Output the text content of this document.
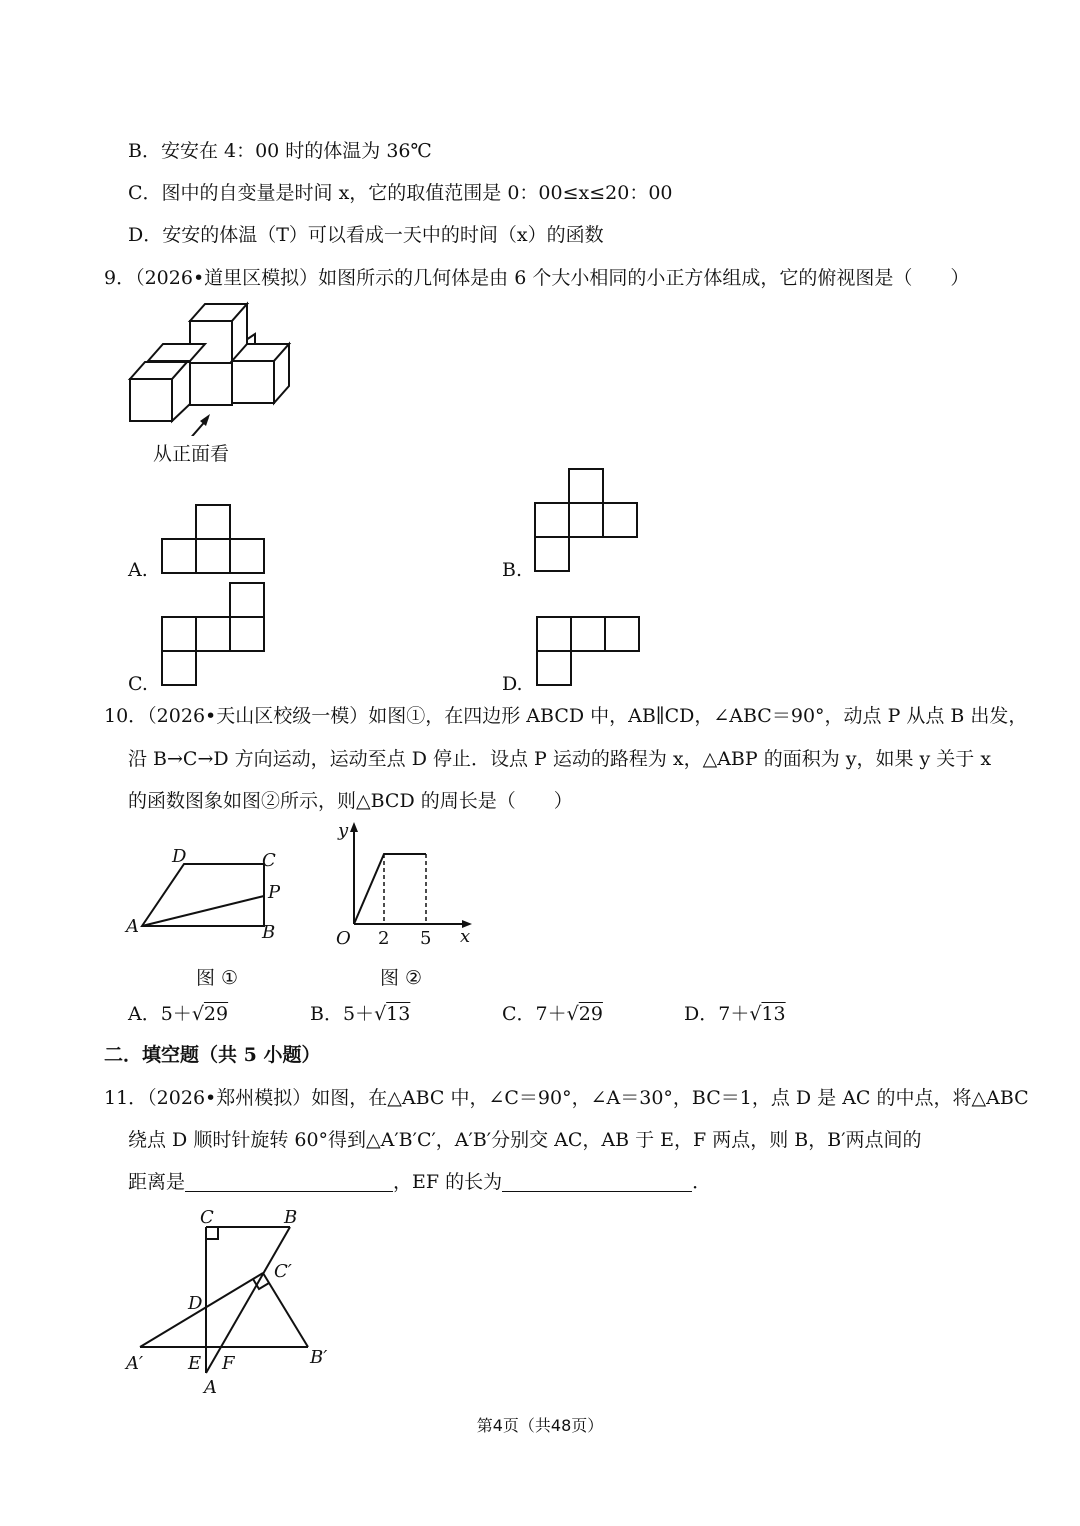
B．安安在 4：00 时的体温为 36℃
C．图中的自变量是时间 x，它的取值范围是 0：00≤x≤20：00
D．安安的体温（T）可以看成一天中的时间（x）的函数
9．（2026•道里区模拟）如图所示的几何体是由 6 个大小相同的小正方体组成，它的俯视图是（　　）
从正面看
A.	B.
C.	D.
10．（2026•天山区校级一模）如图①，在四边形 ABCD 中，AB∥CD，∠ABC＝90°，动点 P 从点 B 出发，
沿 B→C→D 方向运动，运动至点 D 停止．设点 P 运动的路程为 x，△ABP 的面积为 y，如果 y 关于 x
的函数图象如图②所示，则△BCD 的周长是（　　）
D	C
P
A	B
图 ①
y
x
O 2 5
图 ②
A．5＋√29	B．5＋√13	C．7＋√29	D．7＋√13
二．填空题（共 5 小题）
11．（2026•郑州模拟）如图，在△ABC 中，∠C＝90°，∠A＝30°，BC＝1，点 D 是 AC 的中点，将△ABC
绕点 D 顺时针旋转 60°得到△A′B′C′，A′B′分别交 AC，AB 于 E，F 两点，则 B，B′两点间的
距离是	，EF 的长为	．
C	B
C′
D
A′ E F	B′
A
第4页（共48页）
